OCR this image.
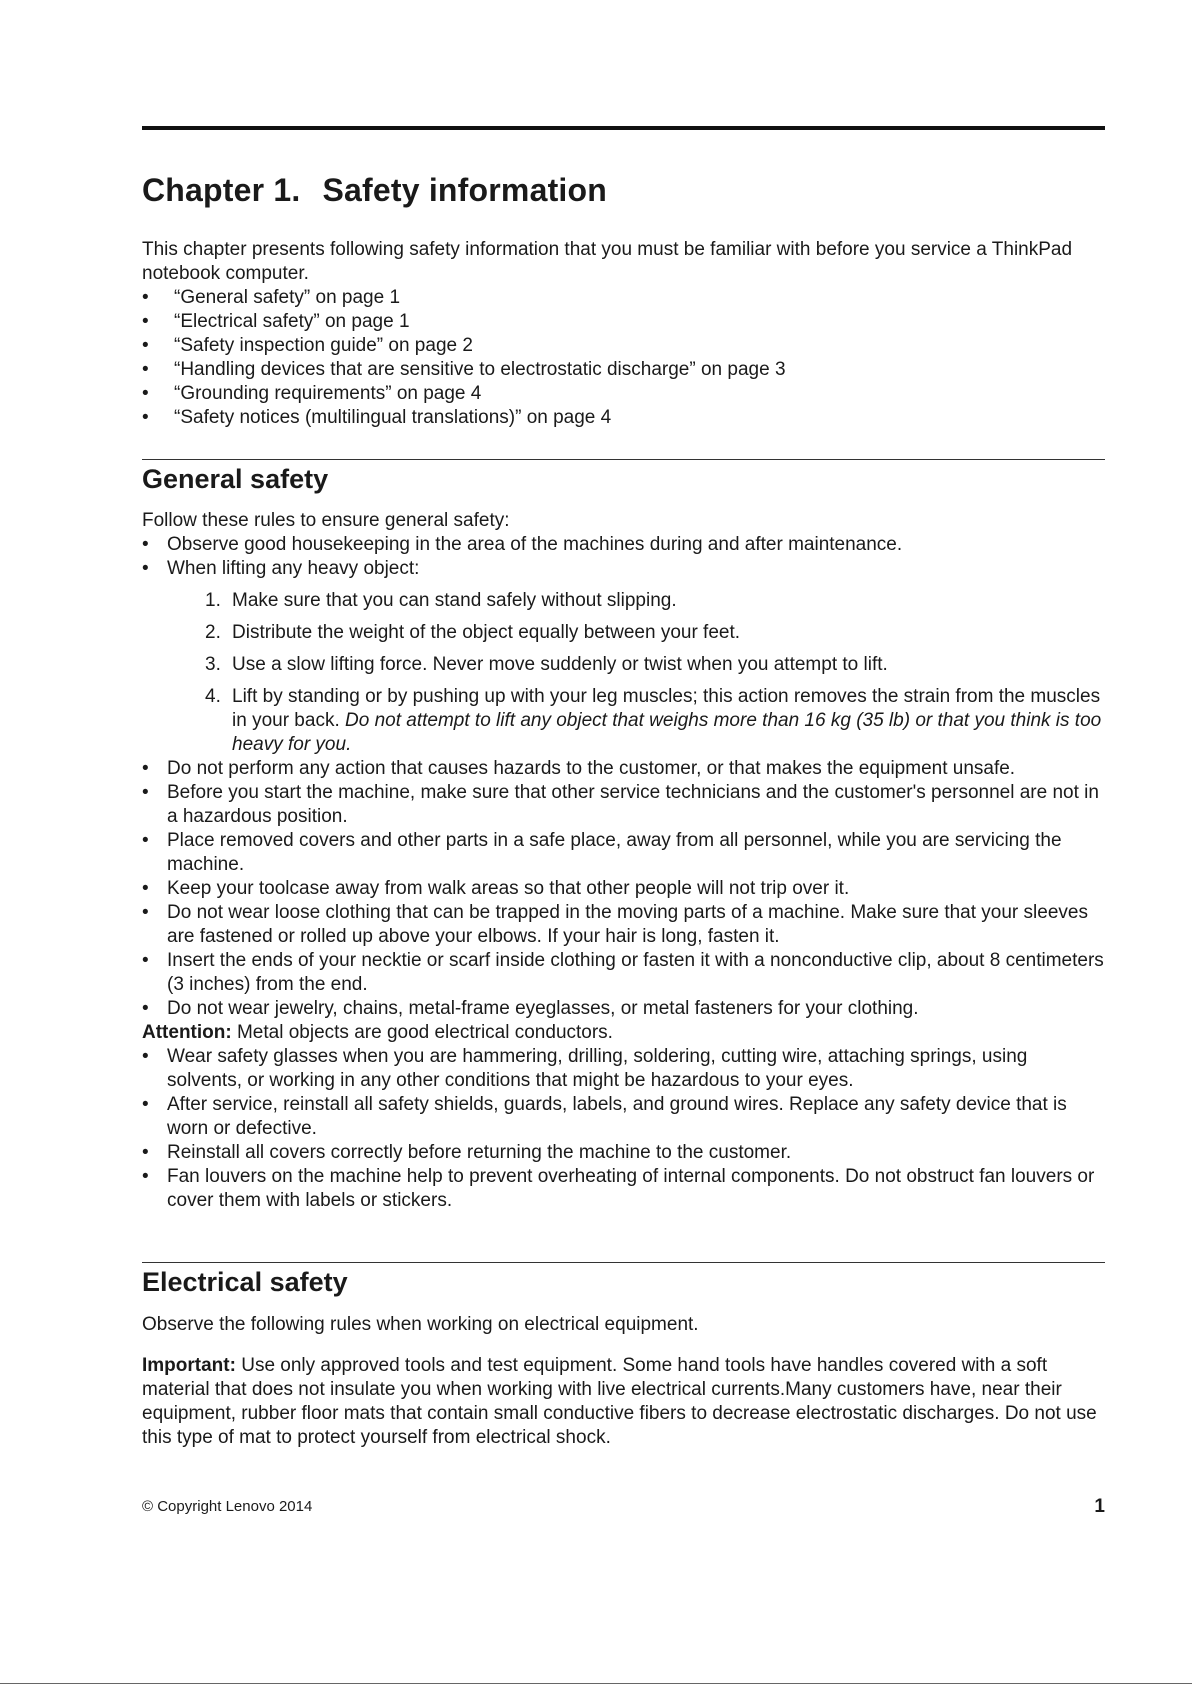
Chapter 1. Safety information

This chapter presents following safety information that you must be familiar with before you service a ThinkPad notebook computer.

• “General safety” on page 1
• “Electrical safety” on page 1
• “Safety inspection guide” on page 2
• “Handling devices that are sensitive to electrostatic discharge” on page 3
• “Grounding requirements” on page 4
• “Safety notices (multilingual translations)” on page 4
General safety

Follow these rules to ensure general safety:

• Observe good housekeeping in the area of the machines during and after maintenance.
• When lifting any heavy object:
1. Make sure that you can stand safely without slipping.
2. Distribute the weight of the object equally between your feet.
3. Use a slow lifting force. Never move suddenly or twist when you attempt to lift.
4. Lift by standing or by pushing up with your leg muscles; this action removes the strain from the muscles in your back. Do not attempt to lift any object that weighs more than 16 kg (35 lb) or that you think is too heavy for you.
• Do not perform any action that causes hazards to the customer, or that makes the equipment unsafe.
• Before you start the machine, make sure that other service technicians and the customer's personnel are not in a hazardous position.
• Place removed covers and other parts in a safe place, away from all personnel, while you are servicing the machine.
• Keep your toolcase away from walk areas so that other people will not trip over it.
• Do not wear loose clothing that can be trapped in the moving parts of a machine. Make sure that your sleeves are fastened or rolled up above your elbows. If your hair is long, fasten it.
• Insert the ends of your necktie or scarf inside clothing or fasten it with a nonconductive clip, about 8 centimeters (3 inches) from the end.
• Do not wear jewelry, chains, metal-frame eyeglasses, or metal fasteners for your clothing.

Attention: Metal objects are good electrical conductors.

• Wear safety glasses when you are hammering, drilling, soldering, cutting wire, attaching springs, using solvents, or working in any other conditions that might be hazardous to your eyes.
• After service, reinstall all safety shields, guards, labels, and ground wires. Replace any safety device that is worn or defective.
• Reinstall all covers correctly before returning the machine to the customer.
• Fan louvers on the machine help to prevent overheating of internal components. Do not obstruct fan louvers or cover them with labels or stickers.
Electrical safety

Observe the following rules when working on electrical equipment.

Important: Use only approved tools and test equipment. Some hand tools have handles covered with a soft material that does not insulate you when working with live electrical currents.Many customers have, near their equipment, rubber floor mats that contain small conductive fibers to decrease electrostatic discharges. Do not use this type of mat to protect yourself from electrical shock.

© Copyright Lenovo 2014	1
